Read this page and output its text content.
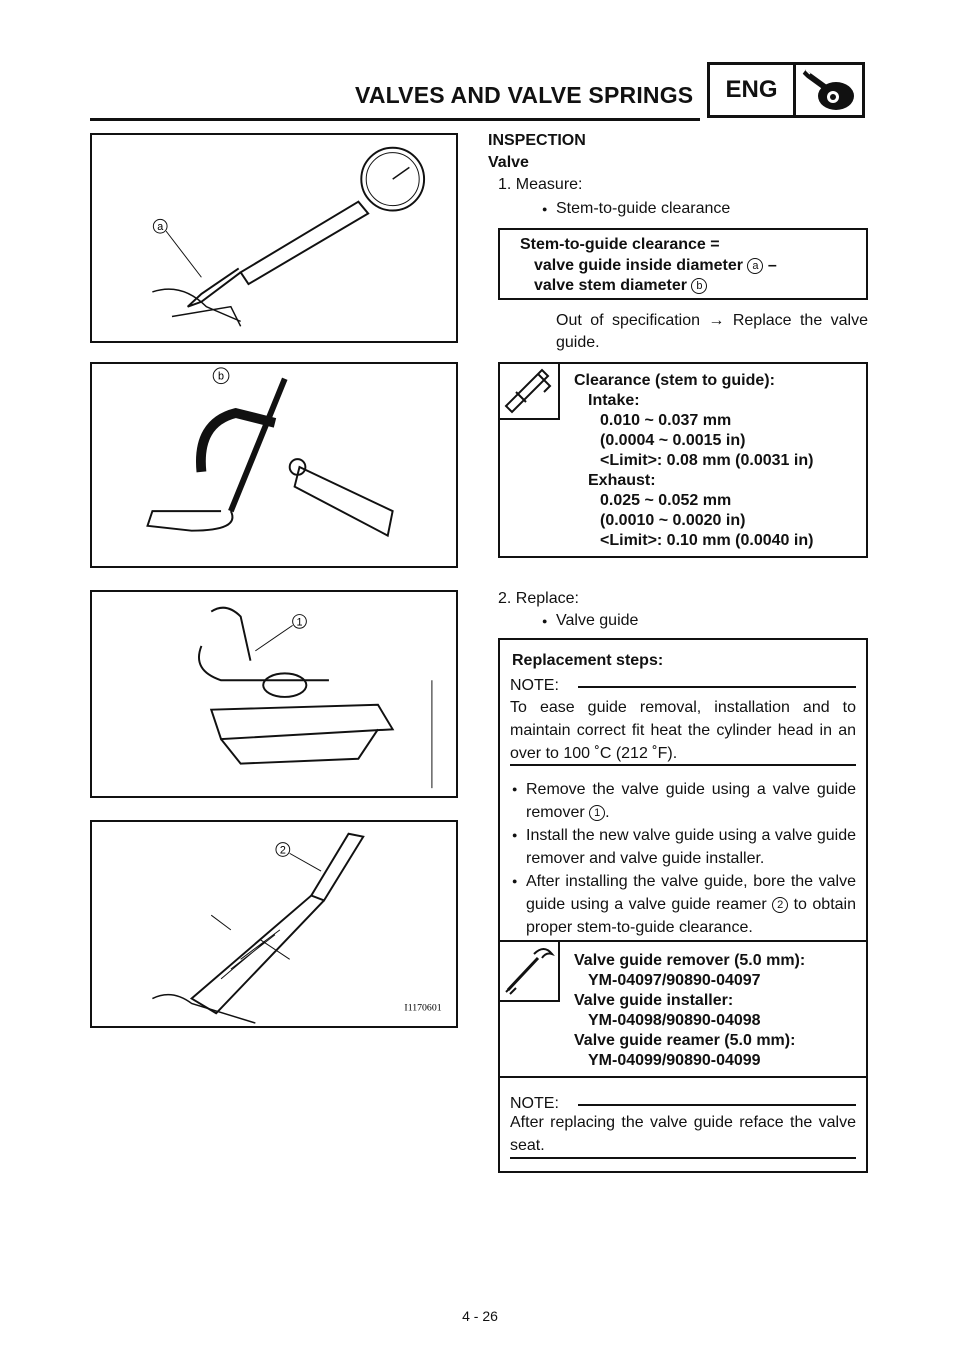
VALVES AND VALVE SPRINGS	ENG
a
b
1
2
I1170601
INSPECTION
Valve
1. Measure:
● Stem-to-guide clearance
Stem-to-guide clearance =
valve guide inside diameter a –
valve stem diameter b
Out of specification → Replace the valve guide.
Clearance (stem to guide):
Intake:
0.010 ~ 0.037 mm
(0.0004 ~ 0.0015 in)
<Limit>: 0.08 mm (0.0031 in)
Exhaust:
0.025 ~ 0.052 mm
(0.0010 ~ 0.0020 in)
<Limit>: 0.10 mm (0.0040 in)
2. Replace:
● Valve guide
Replacement steps:
NOTE:
To ease guide removal, installation and to maintain correct fit heat the cylinder head in an over to 100 ˚C (212 ˚F).
● Remove the valve guide using a valve guide remover 1 .
● Install the new valve guide using a valve guide remover and valve guide installer.
● After installing the valve guide, bore the valve guide using a valve guide reamer 2 to obtain proper stem-to-guide clearance.
Valve guide remover (5.0 mm):
YM-04097/90890-04097
Valve guide installer:
YM-04098/90890-04098
Valve guide reamer (5.0 mm):
YM-04099/90890-04099
NOTE:
After replacing the valve guide reface the valve seat.
4 - 26
